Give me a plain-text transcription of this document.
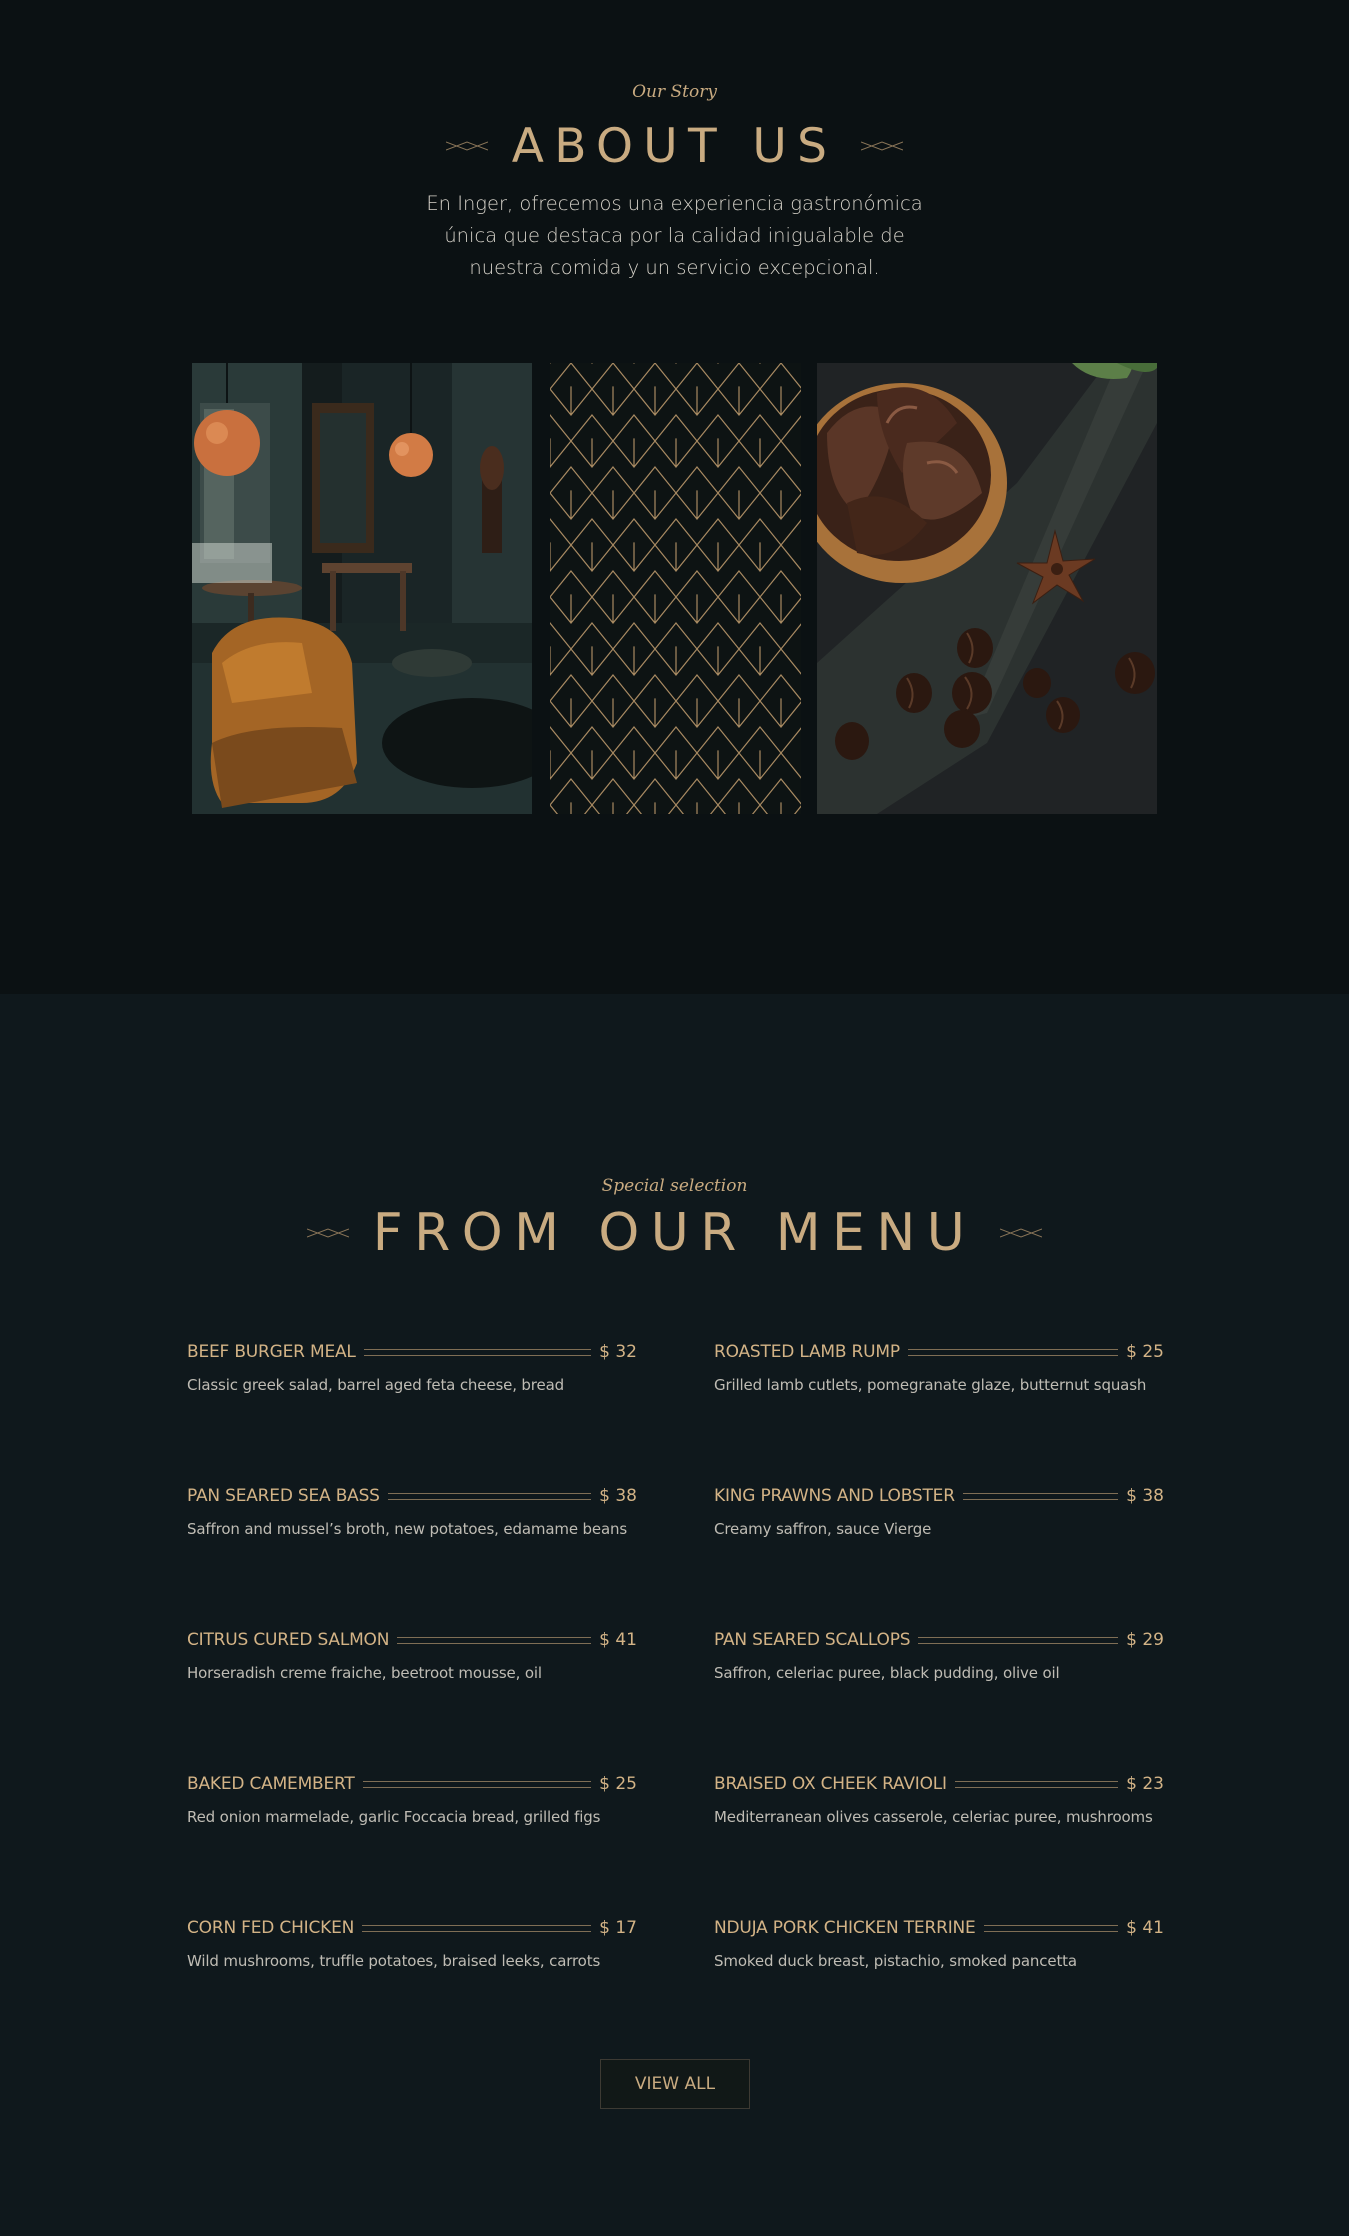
Our Story
ABOUT US

En Inger, ofrecemos una experiencia gastronómica única que destaca por la calidad inigualable de nuestra comida y un servicio excepcional.

Special selection
FROM OUR MENU
BEEF BURGER MEAL	$ 32
Classic greek salad, barrel aged feta cheese, bread
PAN SEARED SEA BASS	$ 38
Saffron and mussel’s broth, new potatoes, edamame beans
CITRUS CURED SALMON	$ 41
Horseradish creme fraiche, beetroot mousse, oil
BAKED CAMEMBERT	$ 25
Red onion marmelade, garlic Foccacia bread, grilled figs
CORN FED CHICKEN	$ 17
Wild mushrooms, truffle potatoes, braised leeks, carrots
ROASTED LAMB RUMP	$ 25
Grilled lamb cutlets, pomegranate glaze, butternut squash
KING PRAWNS AND LOBSTER	$ 38
Creamy saffron, sauce Vierge
PAN SEARED SCALLOPS	$ 29
Saffron, celeriac puree, black pudding, olive oil
BRAISED OX CHEEK RAVIOLI	$ 23
Mediterranean olives casserole, celeriac puree, mushrooms
NDUJA PORK CHICKEN TERRINE	$ 41
Smoked duck breast, pistachio, smoked pancetta
VIEW ALL
